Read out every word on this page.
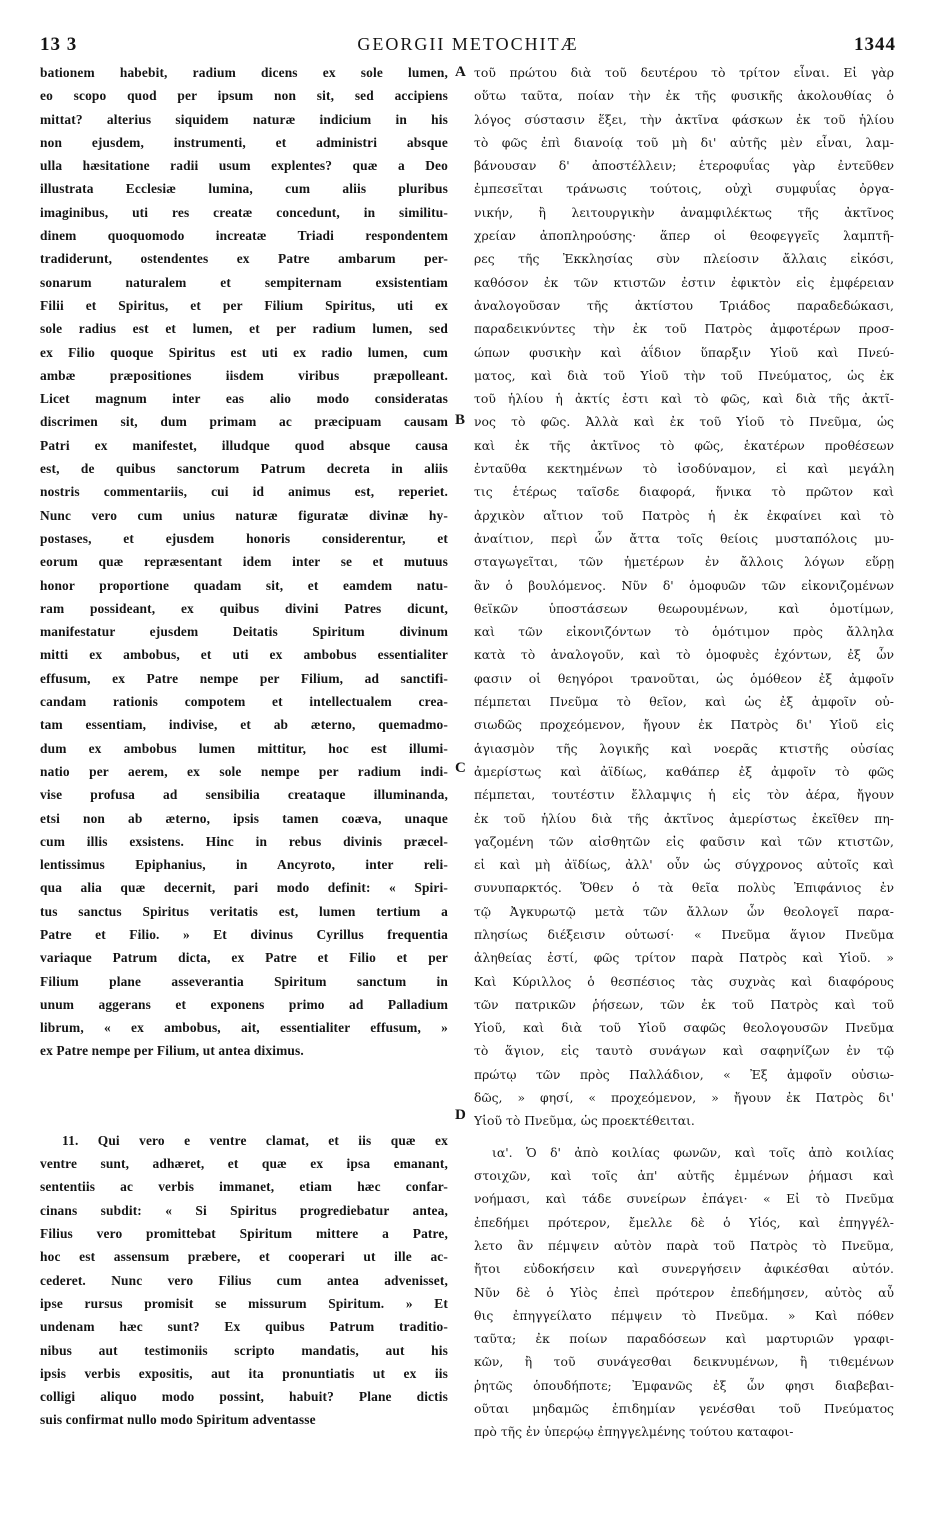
13 3	GEORGII METOCHITÆ	1344
A
B
C
D
bationem habebit, radium dicens ex sole lumen,
eo scopo quod per ipsum non sit, sed accipiens
mittat? alterius siquidem naturæ indicium in his
non ejusdem, instrumenti, et administri absque
ulla hæsitatione radii usum explentes? quæ a Deo
illustrata Ecclesiæ lumina, cum aliis pluribus
imaginibus, uti res creatæ concedunt, in similitu-
dinem quoquomodo increatæ Triadi respondentem
tradiderunt, ostendentes ex Patre ambarum per-
sonarum naturalem et sempiternam exsistentiam
Filii et Spiritus, et per Filium Spiritus, uti ex
sole radius est et lumen, et per radium lumen, sed
ex Filio quoque Spiritus est uti ex radio lumen, cum
ambæ præpositiones iisdem viribus præpolleant.
Licet magnum inter eas alio modo consideratas
discrimen sit, dum primam ac præcipuam causam
Patri ex manifestet, illudque quod absque causa
est, de quibus sanctorum Patrum decreta in aliis
nostris commentariis, cui id animus est, reperiet.
Nunc vero cum unius naturæ figuratæ divinæ hy-
postases, et ejusdem honoris considerentur, et
eorum quæ repræsentant idem inter se et mutuus
honor proportione quadam sit, et eamdem natu-
ram possideant, ex quibus divini Patres dicunt,
manifestatur ejusdem Deitatis Spiritum divinum
mitti ex ambobus, et uti ex ambobus essentialiter
effusum, ex Patre nempe per Filium, ad sanctifi-
candam rationis compotem et intellectualem crea-
tam essentiam, indivise, et ab æterno, quemadmo-
dum ex ambobus lumen mittitur, hoc est illumi-
natio per aerem, ex sole nempe per radium indi-
vise profusa ad sensibilia creataque illuminanda,
etsi non ab æterno, ipsis tamen coæva, unaque
cum illis exsistens. Hinc in rebus divinis præcel-
lentissimus Epiphanius, in Ancyroto, inter reli-
qua alia quæ decernit, pari modo definit: « Spiri-
tus sanctus Spiritus veritatis est, lumen tertium a
Patre et Filio. » Et divinus Cyrillus frequentia
variaque Patrum dicta, ex Patre et Filio et per
Filium plane asseverantia Spiritum sanctum in
unum aggerans et exponens primo ad Palladium
librum, « ex ambobus, ait, essentialiter effusum, »
ex Patre nempe per Filium, ut antea diximus.
11. Qui vero e ventre clamat, et iis quæ ex
ventre sunt, adhæret, et quæ ex ipsa emanant,
sententiis ac verbis immanet, etiam hæc confar-
cinans subdit: « Si Spiritus progrediebatur antea,
Filius vero promittebat Spiritum mittere a Patre,
hoc est assensum præbere, et cooperari ut ille ac-
cederet. Nunc vero Filius cum antea advenisset,
ipse rursus promisit se missurum Spiritum. » Et
undenam hæc sunt? Ex quibus Patrum traditio-
nibus aut testimoniis scripto mandatis, aut his
ipsis verbis expositis, aut ita pronuntiatis ut ex iis
colligi aliquo modo possint, habuit? Plane dictis
suis confirmat nullo modo Spiritum adventasse
τοῦ πρώτου διὰ τοῦ δευτέρου τὸ τρίτον εἶναι. Εἰ γὰρ
οὕτω ταῦτα, ποίαν τὴν ἐκ τῆς φυσικῆς ἀκολουθίας ὁ
λόγος σύστασιν ἕξει, τὴν ἀκτῖνα φάσκων ἐκ τοῦ ἡλίου
τὸ φῶς ἐπὶ διανοίᾳ τοῦ μὴ δι' αὐτῆς μὲν εἶναι, λαμ-
βάνουσαν δ' ἀποστέλλειν; ἑτεροφυΐας γὰρ ἐντεῦθεν
ἐμπεσεῖται τράνωσις τούτοις, οὐχὶ συμφυΐας ὀργα-
νικήν, ἢ λειτουργικὴν ἀναμφιλέκτως τῆς ἀκτῖνος
χρείαν ἀποπληρούσης· ἅπερ οἱ θεοφεγγεῖς λαμπτῆ-
ρες τῆς Ἐκκλησίας σὺν πλείοσιν ἄλλαις εἰκόσι,
καθόσον ἐκ τῶν κτιστῶν ἐστιν ἐφικτὸν εἰς ἐμφέρειαν
ἀναλογοῦσαν τῆς ἀκτίστου Τριάδος παραδεδώκασι,
παραδεικνύντες τὴν ἐκ τοῦ Πατρὸς ἀμφοτέρων προσ-
ώπων φυσικὴν καὶ ἀΐδιον ὕπαρξιν Υἱοῦ καὶ Πνεύ-
ματος, καὶ διὰ τοῦ Υἱοῦ τὴν τοῦ Πνεύματος, ὡς ἐκ
τοῦ ἡλίου ἡ ἀκτίς ἐστι καὶ τὸ φῶς, καὶ διὰ τῆς ἀκτῖ-
νος τὸ φῶς. Ἀλλὰ καὶ ἐκ τοῦ Υἱοῦ τὸ Πνεῦμα, ὡς
καὶ ἐκ τῆς ἀκτῖνος τὸ φῶς, ἑκατέρων προθέσεων
ἐνταῦθα κεκτημένων τὸ ἰσοδύναμον, εἰ καὶ μεγάλη
τις ἑτέρως ταῖσδε διαφορά, ἥνικα τὸ πρῶτον καὶ
ἀρχικὸν αἴτιον τοῦ Πατρὸς ἡ ἐκ ἐκφαίνει καὶ τὸ
ἀναίτιον, περὶ ὧν ἄττα τοῖς θείοις μυσταπόλοις μυ-
σταγωγεῖται, τῶν ἡμετέρων ἐν ἄλλοις λόγων εὕρῃ
ἂν ὁ βουλόμενος. Νῦν δ' ὁμοφυῶν τῶν εἰκονιζομένων
θεϊκῶν ὑποστάσεων θεωρουμένων, καὶ ὁμοτίμων,
καὶ τῶν εἰκονιζόντων τὸ ὁμότιμον πρὸς ἄλληλα
κατὰ τὸ ἀναλογοῦν, καὶ τὸ ὁμοφυὲς ἐχόντων, ἐξ ὧν
φασιν οἱ θεηγόροι τρανοῦται, ὡς ὁμόθεον ἐξ ἀμφοῖν
πέμπεται Πνεῦμα τὸ θεῖον, καὶ ὡς ἐξ ἀμφοῖν οὐ-
σιωδῶς προχεόμενον, ἤγουν ἐκ Πατρὸς δι' Υἱοῦ εἰς
ἁγιασμὸν τῆς λογικῆς καὶ νοερᾶς κτιστῆς οὐσίας
ἀμερίστως καὶ ἀϊδίως, καθάπερ ἐξ ἀμφοῖν τὸ φῶς
πέμπεται, τουτέστιν ἔλλαμψις ἡ εἰς τὸν ἀέρα, ἤγουν
ἐκ τοῦ ἡλίου διὰ τῆς ἀκτῖνος ἀμερίστως ἐκεῖθεν πη-
γαζομένη τῶν αἰσθητῶν εἰς φαῦσιν καὶ τῶν κτιστῶν,
εἰ καὶ μὴ ἀϊδίως, ἀλλ' οὖν ὡς σύγχρονος αὐτοῖς καὶ
συνυπαρκτός. Ὅθεν ὁ τὰ θεῖα πολὺς Ἐπιφάνιος ἐν
τῷ Ἀγκυρωτῷ μετὰ τῶν ἄλλων ὧν θεολογεῖ παρα-
πλησίως διέξεισιν οὑτωσί· « Πνεῦμα ἅγιον Πνεῦμα
ἀληθείας ἐστί, φῶς τρίτον παρὰ Πατρὸς καὶ Υἱοῦ. »
Καὶ Κύριλλος ὁ θεσπέσιος τὰς συχνὰς καὶ διαφόρους
τῶν πατρικῶν ῥήσεων, τῶν ἐκ τοῦ Πατρὸς καὶ τοῦ
Υἱοῦ, καὶ διὰ τοῦ Υἱοῦ σαφῶς θεολογουσῶν Πνεῦμα
τὸ ἅγιον, εἰς ταυτὸ συνάγων καὶ σαφηνίζων ἐν τῷ
πρώτῳ τῶν πρὸς Παλλάδιον, « Ἐξ ἀμφοῖν οὐσιω-
δῶς, » φησί, « προχεόμενον, » ἤγουν ἐκ Πατρὸς δι'
Υἱοῦ τὸ Πνεῦμα, ὡς προεκτέθειται.
ια'. Ὁ δ' ἀπὸ κοιλίας φωνῶν, καὶ τοῖς ἀπὸ κοιλίας
στοιχῶν, καὶ τοῖς ἀπ' αὐτῆς ἐμμένων ῥήμασι καὶ
νοήμασι, καὶ τάδε συνείρων ἐπάγει· « Εἰ τὸ Πνεῦμα
ἐπεδήμει πρότερον, ἔμελλε δὲ ὁ Υἱός, καὶ ἐπηγγέλ-
λετο ἂν πέμψειν αὐτὸν παρὰ τοῦ Πατρὸς τὸ Πνεῦμα,
ἤτοι εὐδοκήσειν καὶ συνεργήσειν ἀφικέσθαι αὐτόν.
Νῦν δὲ ὁ Υἱὸς ἐπεὶ πρότερον ἐπεδήμησεν, αὐτὸς αὖ
θις ἐπηγγείλατο πέμψειν τὸ Πνεῦμα. » Καὶ πόθεν
ταῦτα; ἐκ ποίων παραδόσεων καὶ μαρτυριῶν γραφι-
κῶν, ἢ τοῦ συνάγεσθαι δεικνυμένων, ἢ τιθεμένων
ῥητῶς ὁπουδήποτε; Ἐμφανῶς ἐξ ὧν φησι διαβεβαι-
οῦται μηδαμῶς ἐπιδημίαν γενέσθαι τοῦ Πνεύματος
πρὸ τῆς ἐν ὑπερῴῳ ἐπηγγελμένης τούτου καταφοι-
